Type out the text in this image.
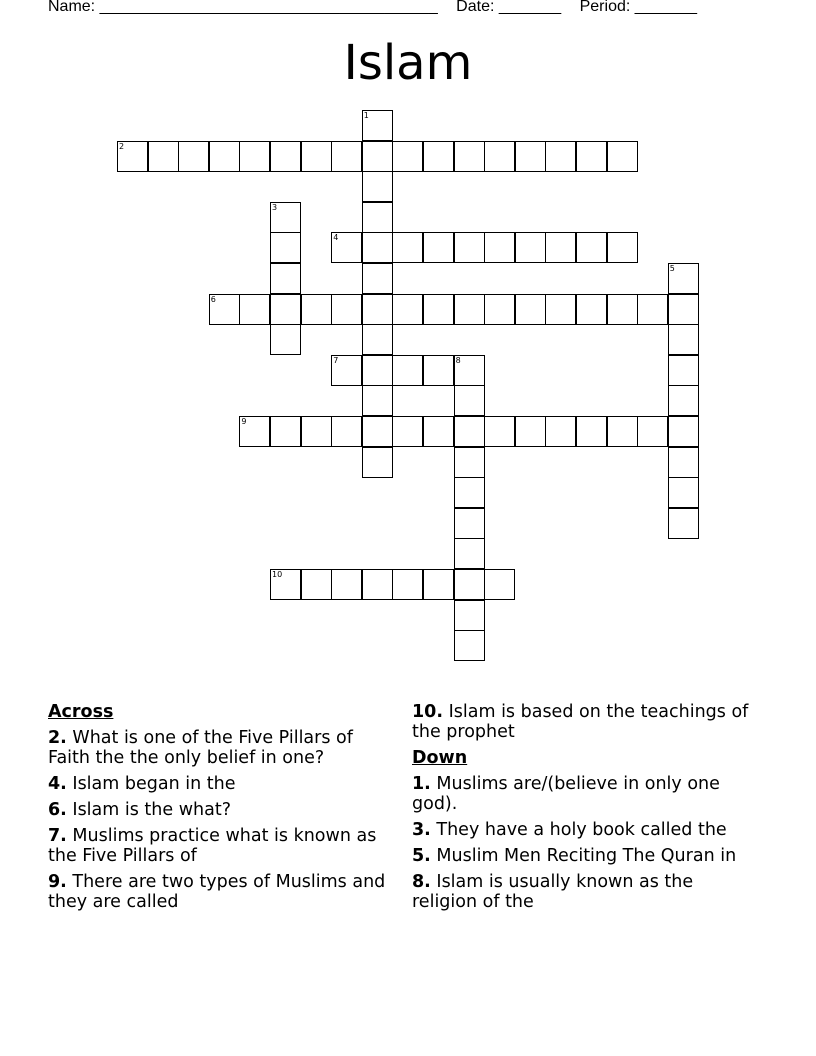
Name: ______________________________________ Date: _______ Period: _______
Islam
1
2
3
4
5
6
7	8
9
10
Across
2. What is one of the Five Pillars of Faith the the only belief in one?
4. Islam began in the
6. Islam is the what?
7. Muslims practice what is known as the Five Pillars of
9. There are two types of Muslims and they are called
10. Islam is based on the teachings of the prophet
Down
1. Muslims are/(believe in only one god).
3. They have a holy book called the
5. Muslim Men Reciting The Quran in
8. Islam is usually known as the religion of the
